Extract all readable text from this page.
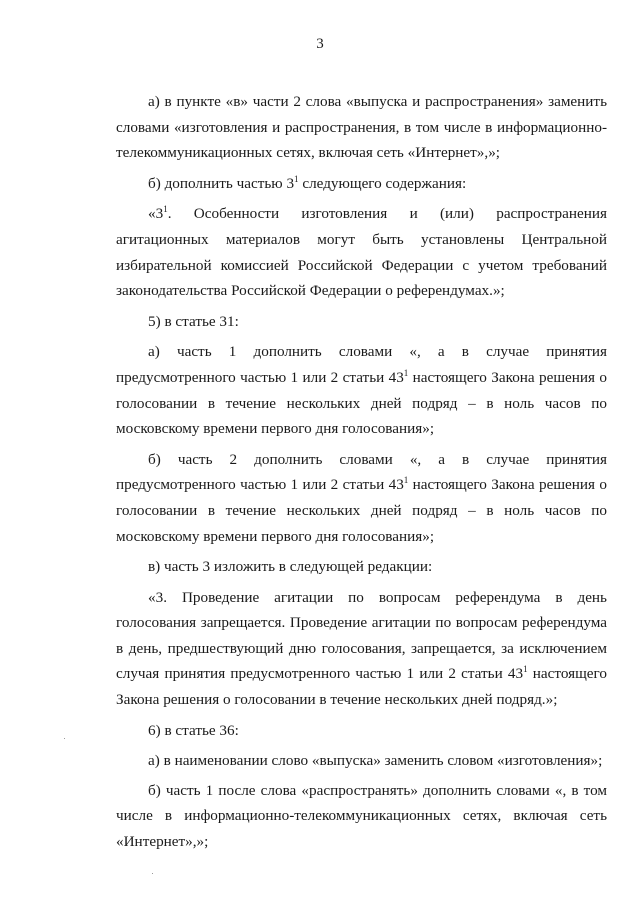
3

а) в пункте «в» части 2 слова «выпуска и распространения» заменить словами «изготовления и распространения, в том числе в информационно-телекоммуникационных сетях, включая сеть «Интернет»,»;

б) дополнить частью $3^1$ следующего содержания:

«$3^1$. Особенности изготовления и (или) распространения агитационных материалов могут быть установлены Центральной избирательной комиссией Российской Федерации с учетом требований законодательства Российской Федерации о референдумах.»;

5) в статье 31:

а) часть 1 дополнить словами «, а в случае принятия предусмотренного частью 1 или 2 статьи $43^1$ настоящего Закона решения о голосовании в течение нескольких дней подряд – в ноль часов по московскому времени первого дня голосования»;

б) часть 2 дополнить словами «, а в случае принятия предусмотренного частью 1 или 2 статьи $43^1$ настоящего Закона решения о голосовании в течение нескольких дней подряд – в ноль часов по московскому времени первого дня голосования»;

в) часть 3 изложить в следующей редакции:

«3. Проведение агитации по вопросам референдума в день голосования запрещается. Проведение агитации по вопросам референдума в день, предшествующий дню голосования, запрещается, за исключением случая принятия предусмотренного частью 1 или 2 статьи $43^1$ настоящего Закона решения о голосовании в течение нескольких дней подряд.»;

6) в статье 36:

а) в наименовании слово «выпуска» заменить словом «изготовления»;

б) часть 1 после слова «распространять» дополнить словами «, в том числе в информационно-телекоммуникационных сетях, включая сеть «Интернет»,»;
